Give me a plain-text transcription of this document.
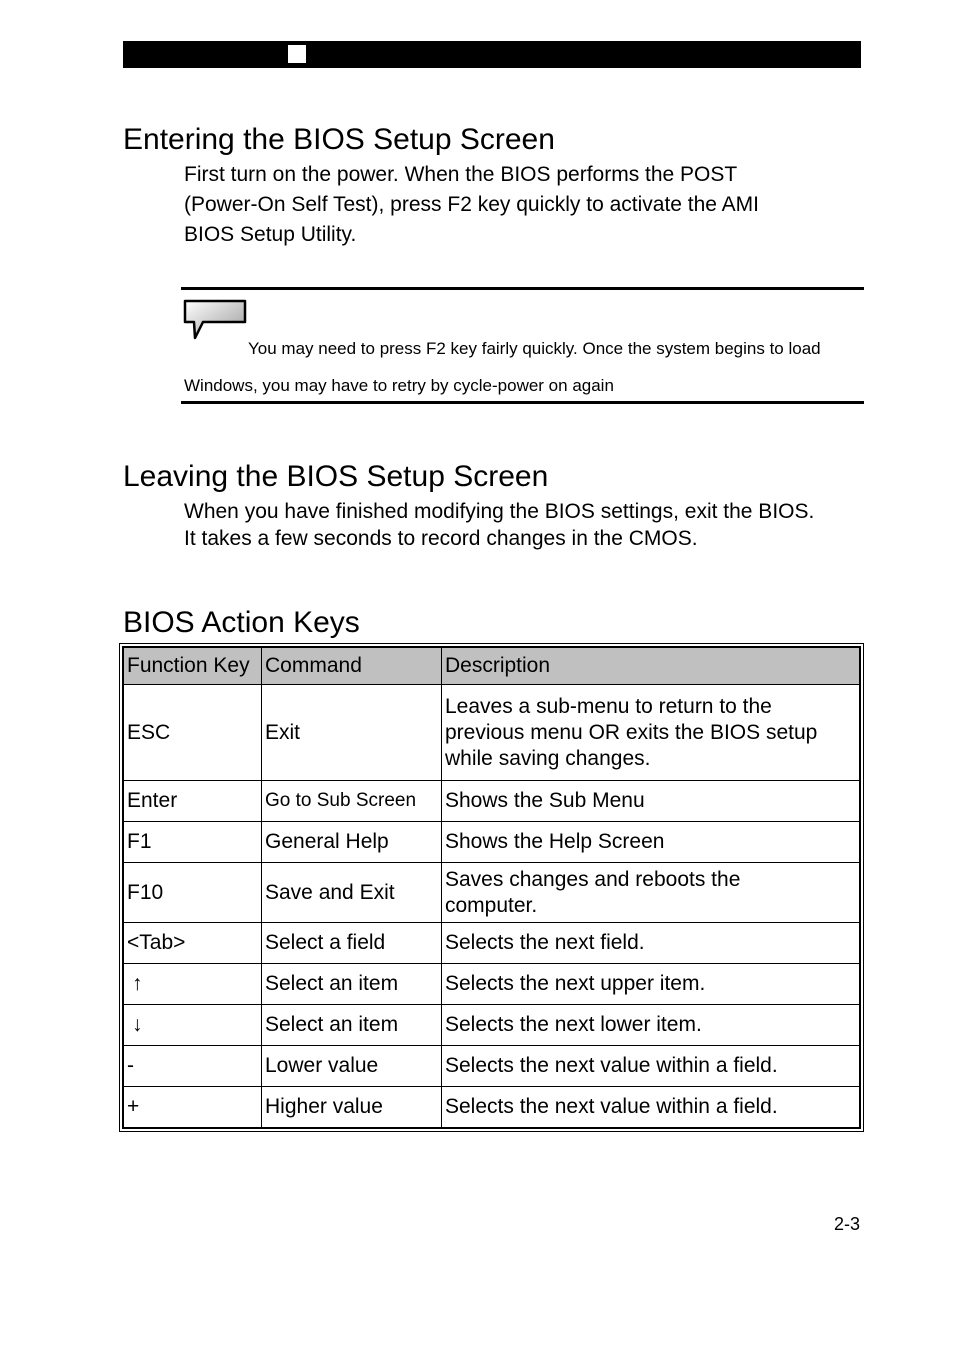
Entering the BIOS Setup Screen
First turn on the power. When the BIOS performs the POST
(Power-On Self Test), press F2 key quickly to activate the AMI
BIOS Setup Utility.
You may need to press F2 key fairly quickly. Once the system begins to load
Windows, you may have to retry by cycle-power on again
Leaving the BIOS Setup Screen
When you have finished modifying the BIOS settings, exit the BIOS.
It takes a few seconds to record changes in the CMOS.
BIOS Action Keys
Function Key	Command	Description
ESC	Exit	Leaves a sub-menu to return to the
previous menu OR exits the BIOS setup
while saving changes.

Enter	Go to Sub Screen	Shows the Sub Menu
F1	General Help	Shows the Help Screen
F10	Save and Exit	Saves changes and reboots the
computer.

<Tab>	Select a field	Selects the next field.
↑	Select an item	Selects the next upper item.
↓	Select an item	Selects the next lower item.
-	Lower value	Selects the next value within a field.
+	Higher value	Selects the next value within a field.
2-3
